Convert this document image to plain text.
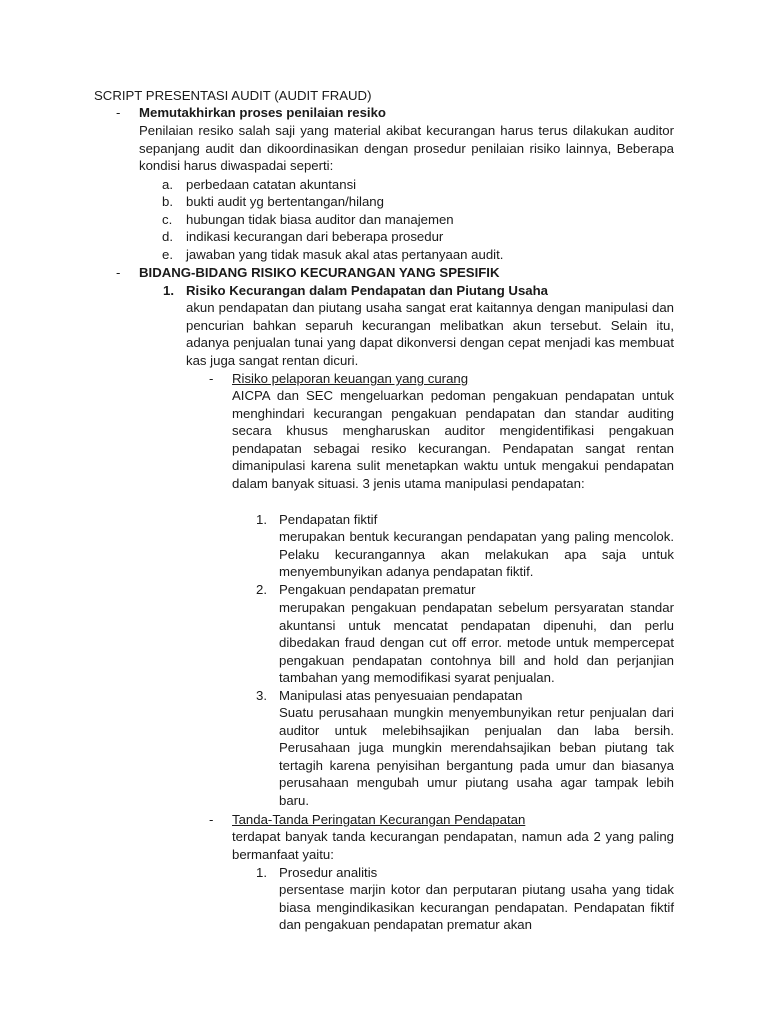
SCRIPT PRESENTASI AUDIT (AUDIT FRAUD)
- Memutakhirkan proses penilaian resiko
Penilaian resiko salah saji yang material akibat kecurangan harus terus dilakukan auditor sepanjang audit dan dikoordinasikan dengan prosedur penilaian risiko lainnya, Beberapa kondisi harus diwaspadai seperti:
a. perbedaan catatan akuntansi
b. bukti audit yg bertentangan/hilang
c. hubungan tidak biasa auditor dan manajemen
d. indikasi kecurangan dari beberapa prosedur
e. jawaban yang tidak masuk akal atas pertanyaan audit.
- BIDANG-BIDANG RISIKO KECURANGAN YANG SPESIFIK
1. Risiko Kecurangan dalam Pendapatan dan Piutang Usaha
akun pendapatan dan piutang usaha sangat erat kaitannya dengan manipulasi dan pencurian bahkan separuh kecurangan melibatkan akun tersebut. Selain itu, adanya penjualan tunai yang dapat dikonversi dengan cepat menjadi kas membuat kas juga sangat rentan dicuri.
- Risiko pelaporan keuangan yang curang
AICPA dan SEC mengeluarkan pedoman pengakuan pendapatan untuk menghindari kecurangan pengakuan pendapatan dan standar auditing secara khusus mengharuskan auditor mengidentifikasi pengakuan pendapatan sebagai resiko kecurangan. Pendapatan sangat rentan dimanipulasi karena sulit menetapkan waktu untuk mengakui pendapatan dalam banyak situasi. 3 jenis utama manipulasi pendapatan:
1. Pendapatan fiktif
merupakan bentuk kecurangan pendapatan yang paling mencolok. Pelaku kecurangannya akan melakukan apa saja untuk menyembunyikan adanya pendapatan fiktif.
2. Pengakuan pendapatan prematur
merupakan pengakuan pendapatan sebelum persyaratan standar akuntansi untuk mencatat pendapatan dipenuhi, dan perlu dibedakan fraud dengan cut off error. metode untuk mempercepat pengakuan pendapatan contohnya bill and hold dan perjanjian tambahan yang memodifikasi syarat penjualan.
3. Manipulasi atas penyesuaian pendapatan
Suatu perusahaan mungkin menyembunyikan retur penjualan dari auditor untuk melebihsajikan penjualan dan laba bersih. Perusahaan juga mungkin merendahsajikan beban piutang tak tertagih karena penyisihan bergantung pada umur dan biasanya perusahaan mengubah umur piutang usaha agar tampak lebih baru.
- Tanda-Tanda Peringatan Kecurangan Pendapatan
terdapat banyak tanda kecurangan pendapatan, namun ada 2 yang paling bermanfaat yaitu:
1. Prosedur analitis
persentase marjin kotor dan perputaran piutang usaha yang tidak biasa mengindikasikan kecurangan pendapatan. Pendapatan fiktif dan pengakuan pendapatan prematur akan
